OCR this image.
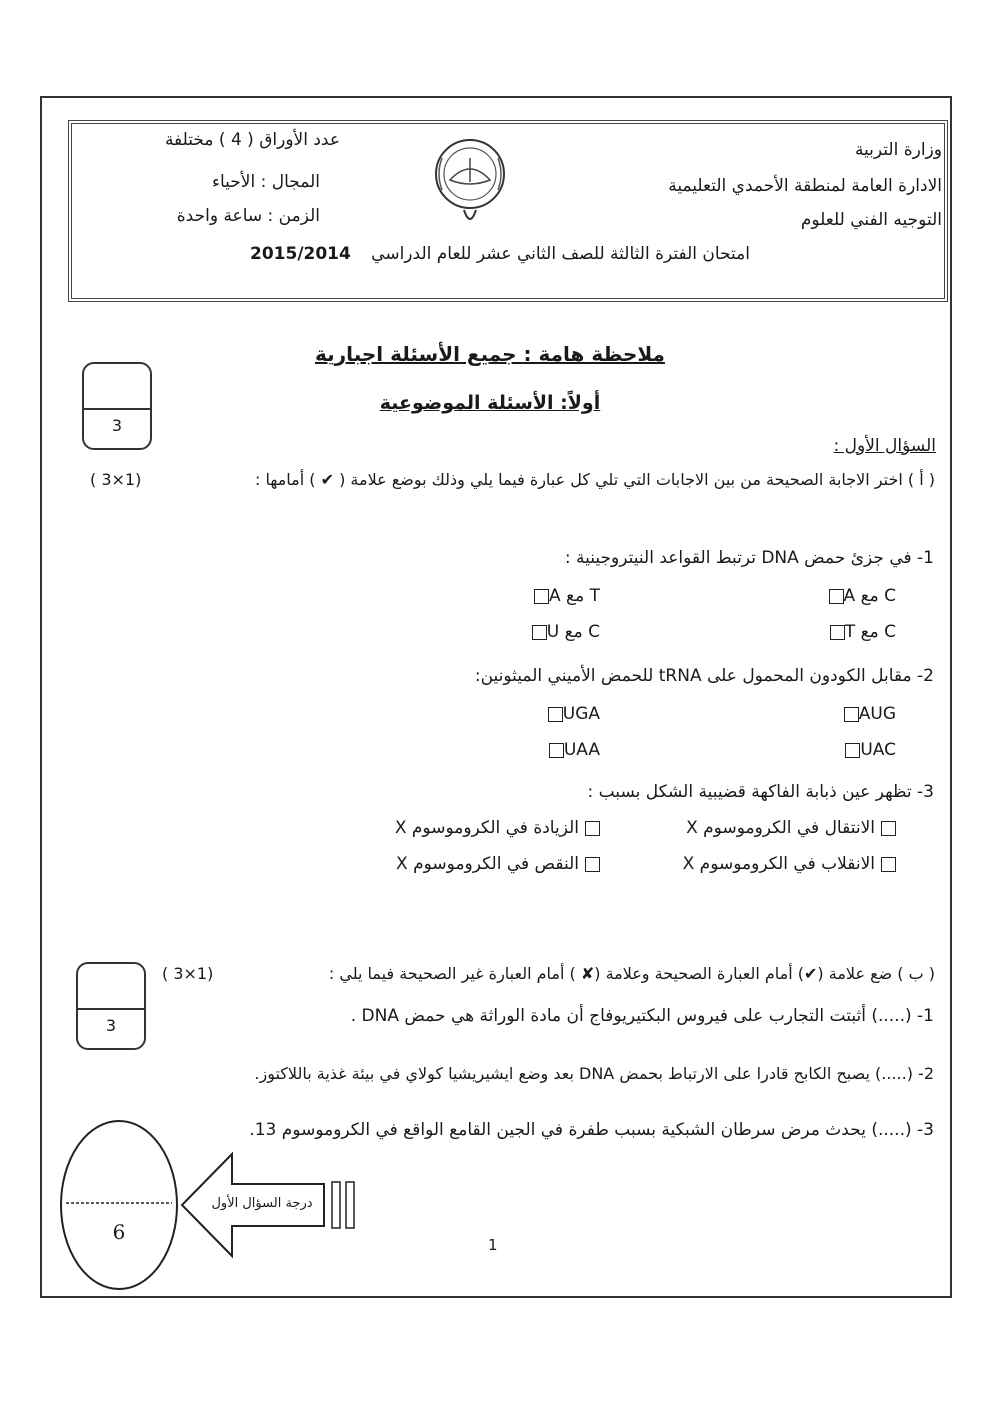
وزارة التربية
الادارة العامة لمنطقة الأحمدي التعليمية
التوجيه الفني للعلوم
عدد الأوراق ( 4 ) مختلفة
المجال : الأحياء
الزمن : ساعة واحدة
2015/2014 امتحان الفترة الثالثة للصف الثاني عشر للعام الدراسي
ملاحظة هامة : جميع الأسئلة اجبارية
أولاً: الأسئلة الموضوعية
3
السؤال الأول :
( 3×1)	( أ ) اختر الاجابة الصحيحة من بين الاجابات التي تلي كل عبارة فيما يلي وذلك بوضع علامة ( ✔ ) أمامها :
1- في جزئ حمض DNA ترتبط القواعد النيتروجينية :
A مع C
A مع T
T مع C
U مع C
2- مقابل الكودون المحمول على tRNA للحمض الأميني الميثونين:
AUG
UGA
UAC
UAA
3- تظهر عين ذبابة الفاكهة قضيبية الشكل بسبب :
الانتقال في الكروموسوم X
الزيادة في الكروموسوم X
الانقلاب في الكروموسوم X
النقص في الكروموسوم X
3
( 3×1)	( ب ) ضع علامة (✔) أمام العبارة الصحيحة وعلامة (✘ ) أمام العبارة غير الصحيحة فيما يلي :
1- (.....) أثبتت التجارب على فيروس البكتيريوفاج أن مادة الوراثة هي حمض DNA .
2- (.....) يصبح الكابح قادرا على الارتباط بحمض DNA بعد وضع ايشيريشيا كولاي في بيئة غذية باللاكتوز.
3- (.....) يحدث مرض سرطان الشبكية بسبب طفرة في الجين القامع الواقع في الكروموسوم 13.
درجة السؤال الأول
6
1
